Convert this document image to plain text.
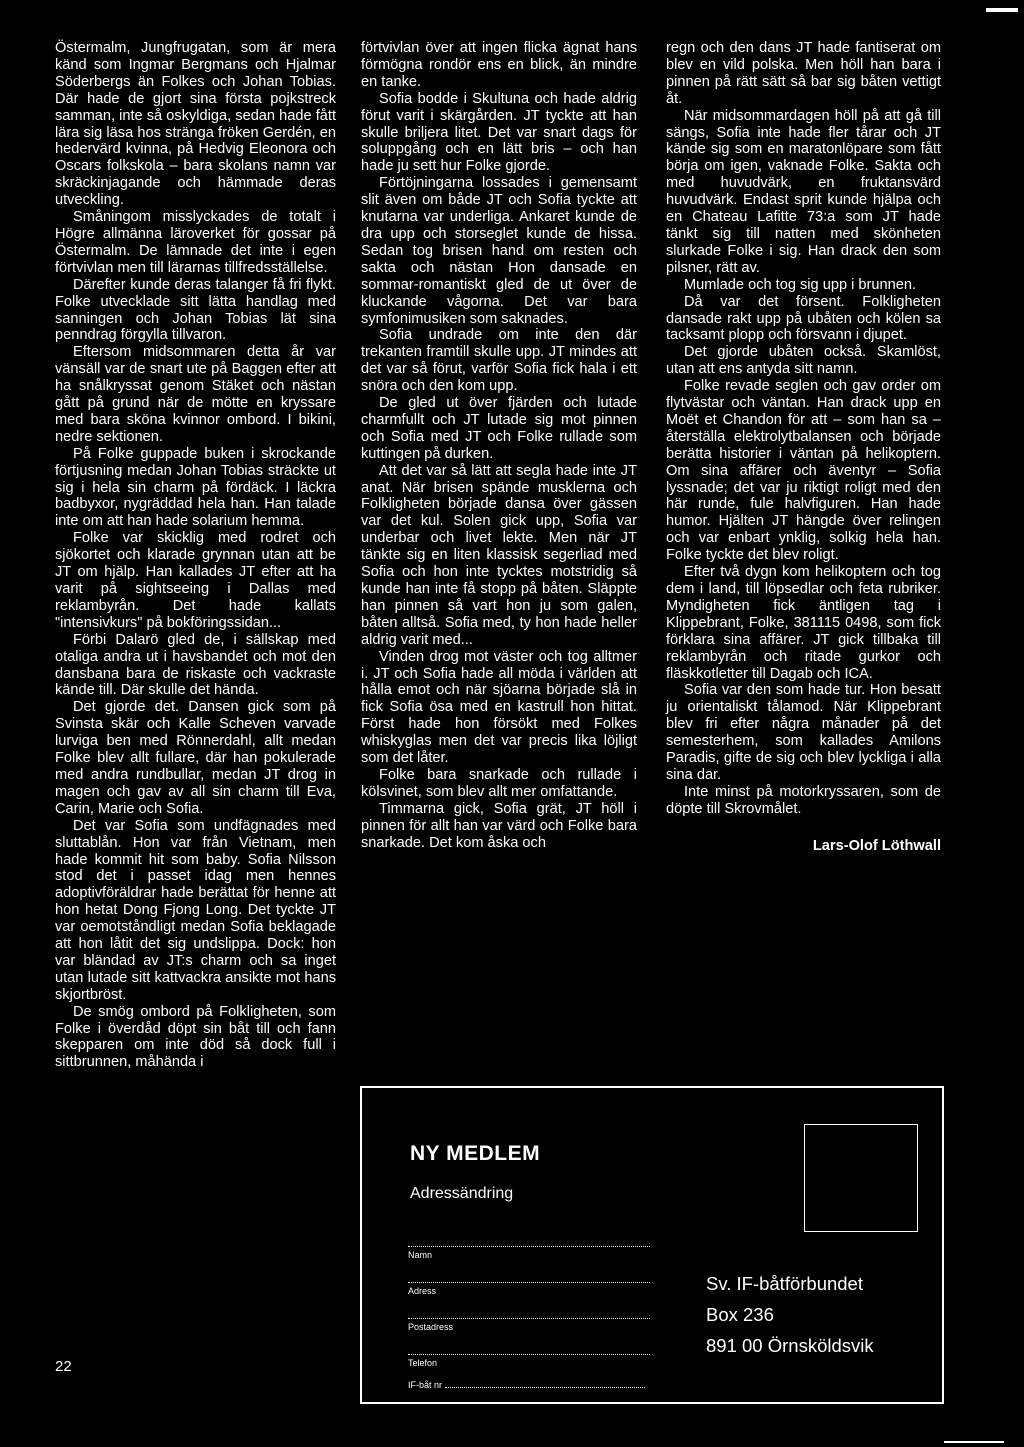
Östermalm, Jungfrugatan, som är mera känd som Ingmar Bergmans och Hjalmar Söderbergs än Folkes och Johan Tobias. Där hade de gjort sina första pojkstreck samman, inte så oskyldiga, sedan hade fått lära sig läsa hos stränga fröken Gerdén, en hedervärd kvinna, på Hedvig Eleonora och Oscars folkskola – bara skolans namn var skräckinjagande och hämmade deras utveckling.

Småningom misslyckades de totalt i Högre allmänna läroverket för gossar på Östermalm. De lämnade det inte i egen förtvivlan men till lärarnas tillfredsställelse.

Därefter kunde deras talanger få fri flykt. Folke utvecklade sitt lätta handlag med sanningen och Johan Tobias lät sina penndrag förgylla tillvaron.

Eftersom midsommaren detta år var vänsäll var de snart ute på Baggen efter att ha snålkryssat genom Stäket och nästan gått på grund när de mötte en kryssare med bara sköna kvinnor ombord. I bikini, nedre sektionen.

På Folke guppade buken i skrockande förtjusning medan Johan Tobias sträckte ut sig i hela sin charm på fördäck. I läckra badbyxor, nygräddad hela han. Han talade inte om att han hade solarium hemma.

Folke var skicklig med rodret och sjökortet och klarade grynnan utan att be JT om hjälp. Han kallades JT efter att ha varit på sightseeing i Dallas med reklambyrån. Det hade kallats "intensivkurs" på bokföringssidan...

Förbi Dalarö gled de, i sällskap med otaliga andra ut i havsbandet och mot den dansbana bara de riskaste och vackraste kände till. Där skulle det hända.

Det gjorde det. Dansen gick som på Svinsta skär och Kalle Scheven varvade lurviga ben med Rönnerdahl, allt medan Folke blev allt fullare, där han pokulerade med andra rundbullar, medan JT drog in magen och gav av all sin charm till Eva, Carin, Marie och Sofia.

Det var Sofia som undfägnades med sluttablån. Hon var från Vietnam, men hade kommit hit som baby. Sofia Nilsson stod det i passet idag men hennes adoptivföräldrar hade berättat för henne att hon hetat Dong Fjong Long. Det tyckte JT var oemotståndligt medan Sofia beklagade att hon låtit det sig undslippa. Dock: hon var bländad av JT:s charm och sa inget utan lutade sitt kattvackra ansikte mot hans skjortbröst.

De smög ombord på Folkligheten, som Folke i överdåd döpt sin båt till och fann skepparen om inte död så dock full i sittbrunnen, måhända i

förtvivlan över att ingen flicka ägnat hans förmögna rondör ens en blick, än mindre en tanke.

Sofia bodde i Skultuna och hade aldrig förut varit i skärgården. JT tyckte att han skulle briljera litet. Det var snart dags för soluppgång och en lätt bris – och han hade ju sett hur Folke gjorde.

Förtöjningarna lossades i gemensamt slit även om både JT och Sofia tyckte att knutarna var underliga. Ankaret kunde de dra upp och storseglet kunde de hissa. Sedan tog brisen hand om resten och sakta och nästan Hon dansade en sommar-romantiskt gled de ut över de kluckande vågorna. Det var bara symfonimusiken som saknades.

Sofia undrade om inte den där trekanten framtill skulle upp. JT mindes att det var så förut, varför Sofia fick hala i ett snöra och den kom upp.

De gled ut över fjärden och lutade charmfullt och JT lutade sig mot pinnen och Sofia med JT och Folke rullade som kuttingen på durken.

Att det var så lätt att segla hade inte JT anat. När brisen spände musklerna och Folkligheten började dansa över gässen var det kul. Solen gick upp, Sofia var underbar och livet lekte. Men när JT tänkte sig en liten klassisk segerliad med Sofia och hon inte tycktes motstridig så kunde han inte få stopp på båten. Släppte han pinnen så vart hon ju som galen, båten alltså. Sofia med, ty hon hade heller aldrig varit med...

Vinden drog mot väster och tog alltmer i. JT och Sofia hade all möda i världen att hålla emot och när sjöarna började slå in fick Sofia ösa med en kastrull hon hittat. Först hade hon försökt med Folkes whiskyglas men det var precis lika löjligt som det låter.

Folke bara snarkade och rullade i kölsvinet, som blev allt mer omfattande.

Timmarna gick, Sofia grät, JT höll i pinnen för allt han var värd och Folke bara snarkade. Det kom åska och

regn och den dans JT hade fantiserat om blev en vild polska. Men höll han bara i pinnen på rätt sätt så bar sig båten vettigt åt.

När midsommardagen höll på att gå till sängs, Sofia inte hade fler tårar och JT kände sig som en maratonlöpare som fått börja om igen, vaknade Folke. Sakta och med huvudvärk, en fruktansvärd huvudvärk. Endast sprit kunde hjälpa och en Chateau Lafitte 73:a som JT hade tänkt sig till natten med skönheten slurkade Folke i sig. Han drack den som pilsner, rätt av.

Mumlade och tog sig upp i brunnen.

Då var det försent. Folkligheten dansade rakt upp på ubåten och kölen sa tacksamt plopp och försvann i djupet.

Det gjorde ubåten också. Skamlöst, utan att ens antyda sitt namn.

Folke revade seglen och gav order om flytvästar och väntan. Han drack upp en Moët et Chandon för att – som han sa – återställa elektrolytbalansen och började berätta historier i väntan på helikoptern. Om sina affärer och äventyr – Sofia lyssnade; det var ju riktigt roligt med den här runde, fule halvfiguren. Han hade humor. Hjälten JT hängde över relingen och var enbart ynklig, solkig hela han. Folke tyckte det blev roligt.

Efter två dygn kom helikoptern och tog dem i land, till löpsedlar och feta rubriker. Myndigheten fick äntligen tag i Klippebrant, Folke, 381115 0498, som fick förklara sina affärer. JT gick tillbaka till reklambyrån och ritade gurkor och fläskkotletter till Dagab och ICA.

Sofia var den som hade tur. Hon besatt ju orientaliskt tålamod. När Klippebrant blev fri efter några månader på det semesterhem, som kallades Amilons Paradis, gifte de sig och blev lyckliga i alla sina dar.

Inte minst på motorkryssaren, som de döpte till Skrovmålet.

Lars-Olof Löthwall

22
NY MEDLEM
Adressändring
Namn
Adress
Postadress
Telefon
IF-båt nr
Sv. IF-båtförbundet
Box 236
891 00 Örnsköldsvik
